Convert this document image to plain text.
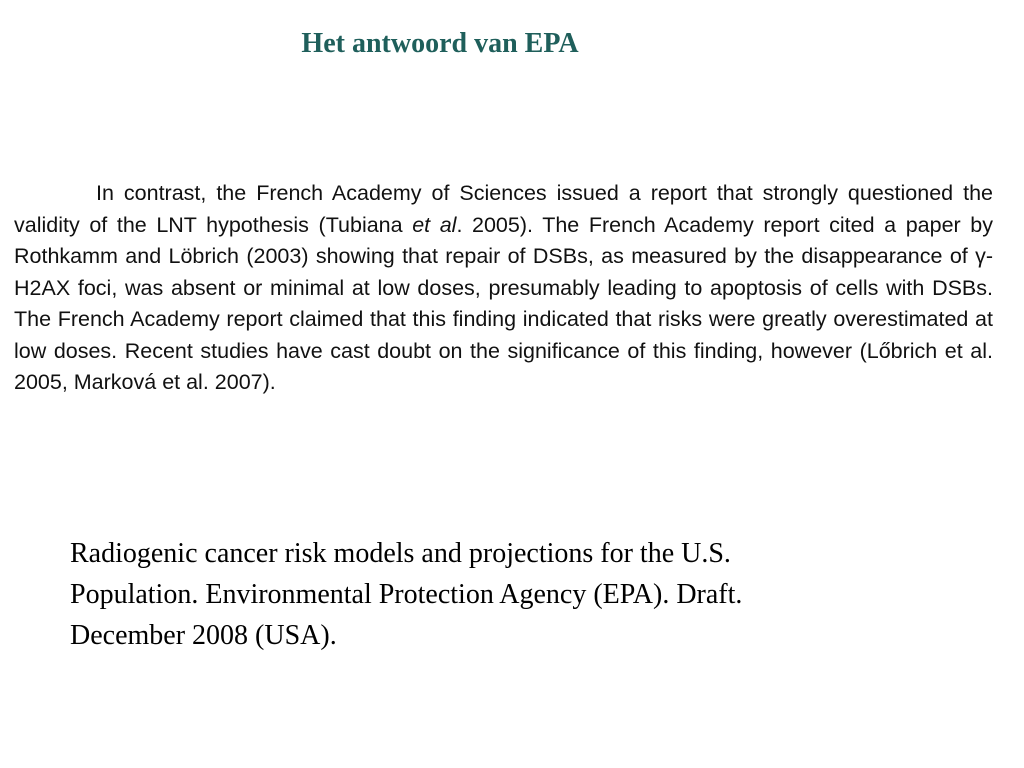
Het antwoord van EPA

In contrast, the French Academy of Sciences issued a report that strongly questioned the validity of the LNT hypothesis (Tubiana et al. 2005). The French Academy report cited a paper by Rothkamm and Löbrich (2003) showing that repair of DSBs, as measured by the disappearance of γ-H2AX foci, was absent or minimal at low doses, presumably leading to apoptosis of cells with DSBs. The French Academy report claimed that this finding indicated that risks were greatly overestimated at low doses. Recent studies have cast doubt on the significance of this finding, however (Lőbrich et al. 2005, Marková et al. 2007).

Radiogenic cancer risk models and projections for the U.S.
Population. Environmental Protection Agency (EPA). Draft.
December 2008 (USA).
